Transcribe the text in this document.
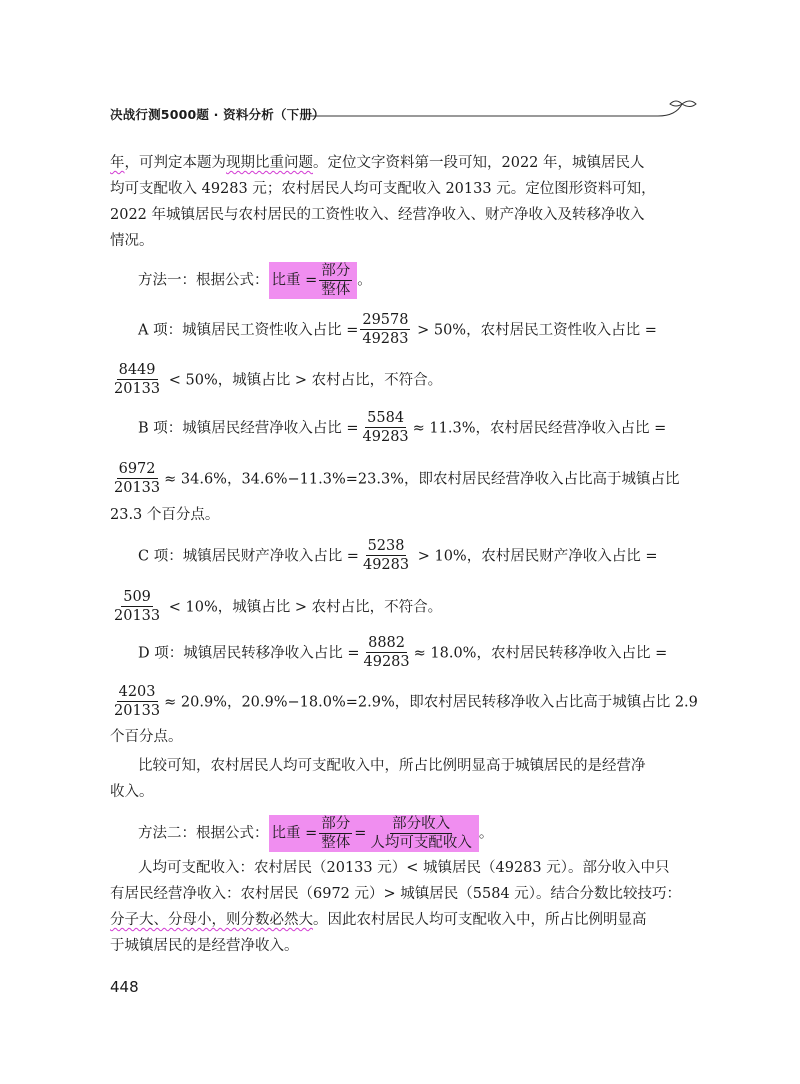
决战行测5000题 · 资料分析（下册）
年，可判定本题为现期比重问题。定位文字资料第一段可知，2022 年，城镇居民人
均可支配收入 49283 元；农村居民人均可支配收入 20133 元。定位图形资料可知，
2022 年城镇居民与农村居民的工资性收入、经营净收入、财产净收入及转移净收入
情况。
方法一：根据公式： 比重 = $\frac{\text{部分}}{\text{整体}}$ 。
A 项：城镇居民工资性收入占比 = $\frac{29578}{49283} > 50\%$，农村居民工资性收入占比 =
$\frac{8449}{20133} < 50\%$，城镇占比 > 农村占比，不符合。
B 项：城镇居民经营净收入占比 = $\frac{5584}{49283} \approx 11.3\%$，农村居民经营净收入占比 =
$\frac{6972}{20133} \approx 34.6\%$，34.6%−11.3%=23.3%，即农村居民经营净收入占比高于城镇占比
23.3 个百分点。
C 项：城镇居民财产净收入占比 = $\frac{5238}{49283} > 10\%$，农村居民财产净收入占比 =
$\frac{509}{20133} < 10\%$，城镇占比 > 农村占比，不符合。
D 项：城镇居民转移净收入占比 = $\frac{8882}{49283} \approx 18.0\%$，农村居民转移净收入占比 =
$\frac{4203}{20133} \approx 20.9\%$，20.9%−18.0%=2.9%，即农村居民转移净收入占比高于城镇占比 2.9
个百分点。
比较可知，农村居民人均可支配收入中，所占比例明显高于城镇居民的是经营净
收入。
方法二：根据公式： 比重 = $\frac{\text{部分}}{\text{整体}} = \frac{\text{部分收入}}{\text{人均可支配收入}}$ 。
人均可支配收入：农村居民（20133 元）< 城镇居民（49283 元）。部分收入中只
有居民经营净收入：农村居民（6972 元）> 城镇居民（5584 元）。结合分数比较技巧：
分子大、分母小，则分数必然大。因此农村居民人均可支配收入中，所占比例明显高
于城镇居民的是经营净收入。
448
